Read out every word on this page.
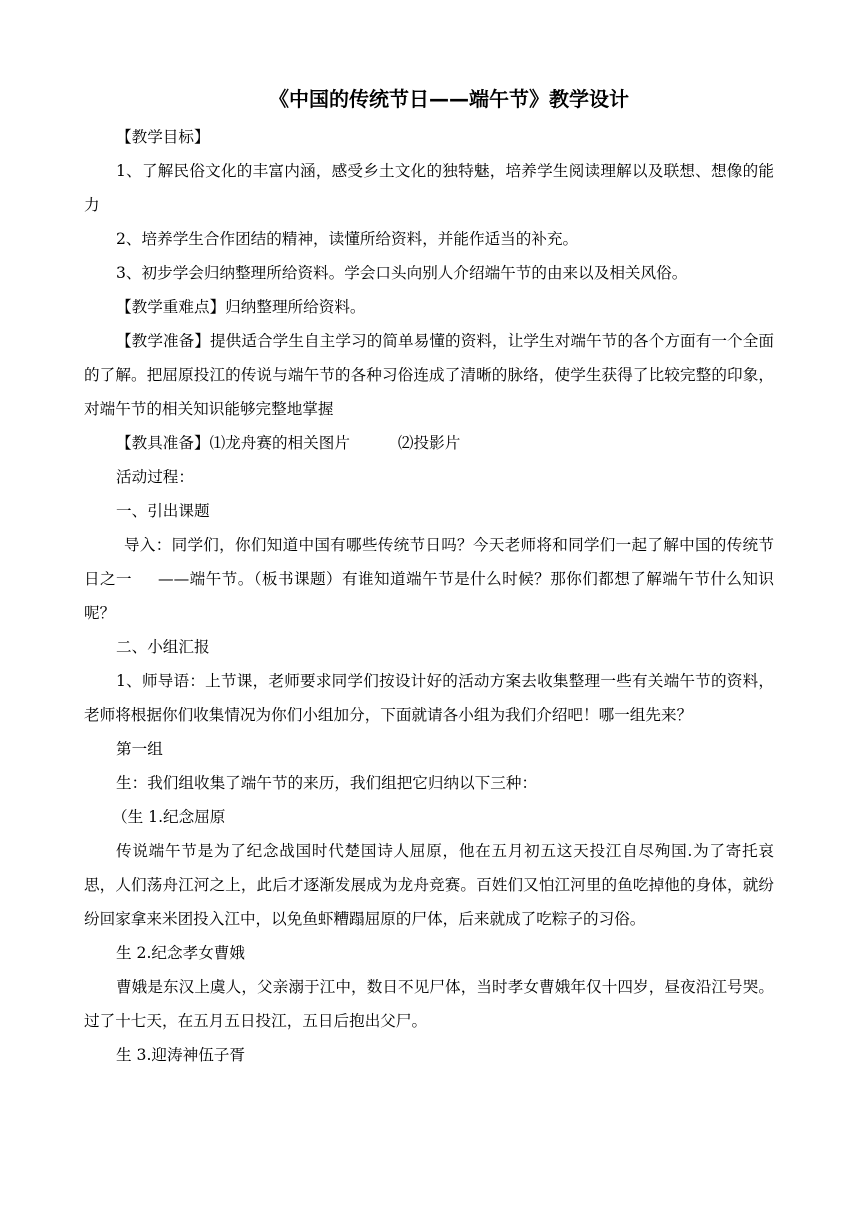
《中国的传统节日——端午节》教学设计

【教学目标】

1、了解民俗文化的丰富内涵，感受乡土文化的独特魅，培养学生阅读理解以及联想、想像的能力

2、培养学生合作团结的精神，读懂所给资料，并能作适当的补充。

3、初步学会归纳整理所给资料。学会口头向别人介绍端午节的由来以及相关风俗。

【教学重难点】归纳整理所给资料。

【教学准备】提供适合学生自主学习的简单易懂的资料，让学生对端午节的各个方面有一个全面的了解。把屈原投江的传说与端午节的各种习俗连成了清晰的脉络，使学生获得了比较完整的印象，对端午节的相关知识能够完整地掌握

【教具准备】⑴龙舟赛的相关图片	⑵投影片

活动过程：

一、引出课题

导入：同学们，你们知道中国有哪些传统节日吗？今天老师将和同学们一起了解中国的传统节日之一 ——端午节。（板书课题）有谁知道端午节是什么时候？那你们都想了解端午节什么知识呢？

二、小组汇报

1、师导语：上节课，老师要求同学们按设计好的活动方案去收集整理一些有关端午节的资料，老师将根据你们收集情况为你们小组加分，下面就请各小组为我们介绍吧！哪一组先来？

第一组

生：我们组收集了端午节的来历，我们组把它归纳以下三种：

（生 1.纪念屈原

传说端午节是为了纪念战国时代楚国诗人屈原，他在五月初五这天投江自尽殉国.为了寄托哀思，人们荡舟江河之上，此后才逐渐发展成为龙舟竞赛。百姓们又怕江河里的鱼吃掉他的身体，就纷纷回家拿来米团投入江中，以免鱼虾糟蹋屈原的尸体，后来就成了吃粽子的习俗。

生 2.纪念孝女曹娥

曹娥是东汉上虞人，父亲溺于江中，数日不见尸体，当时孝女曹娥年仅十四岁，昼夜沿江号哭。过了十七天，在五月五日投江，五日后抱出父尸。

生 3.迎涛神伍子胥
